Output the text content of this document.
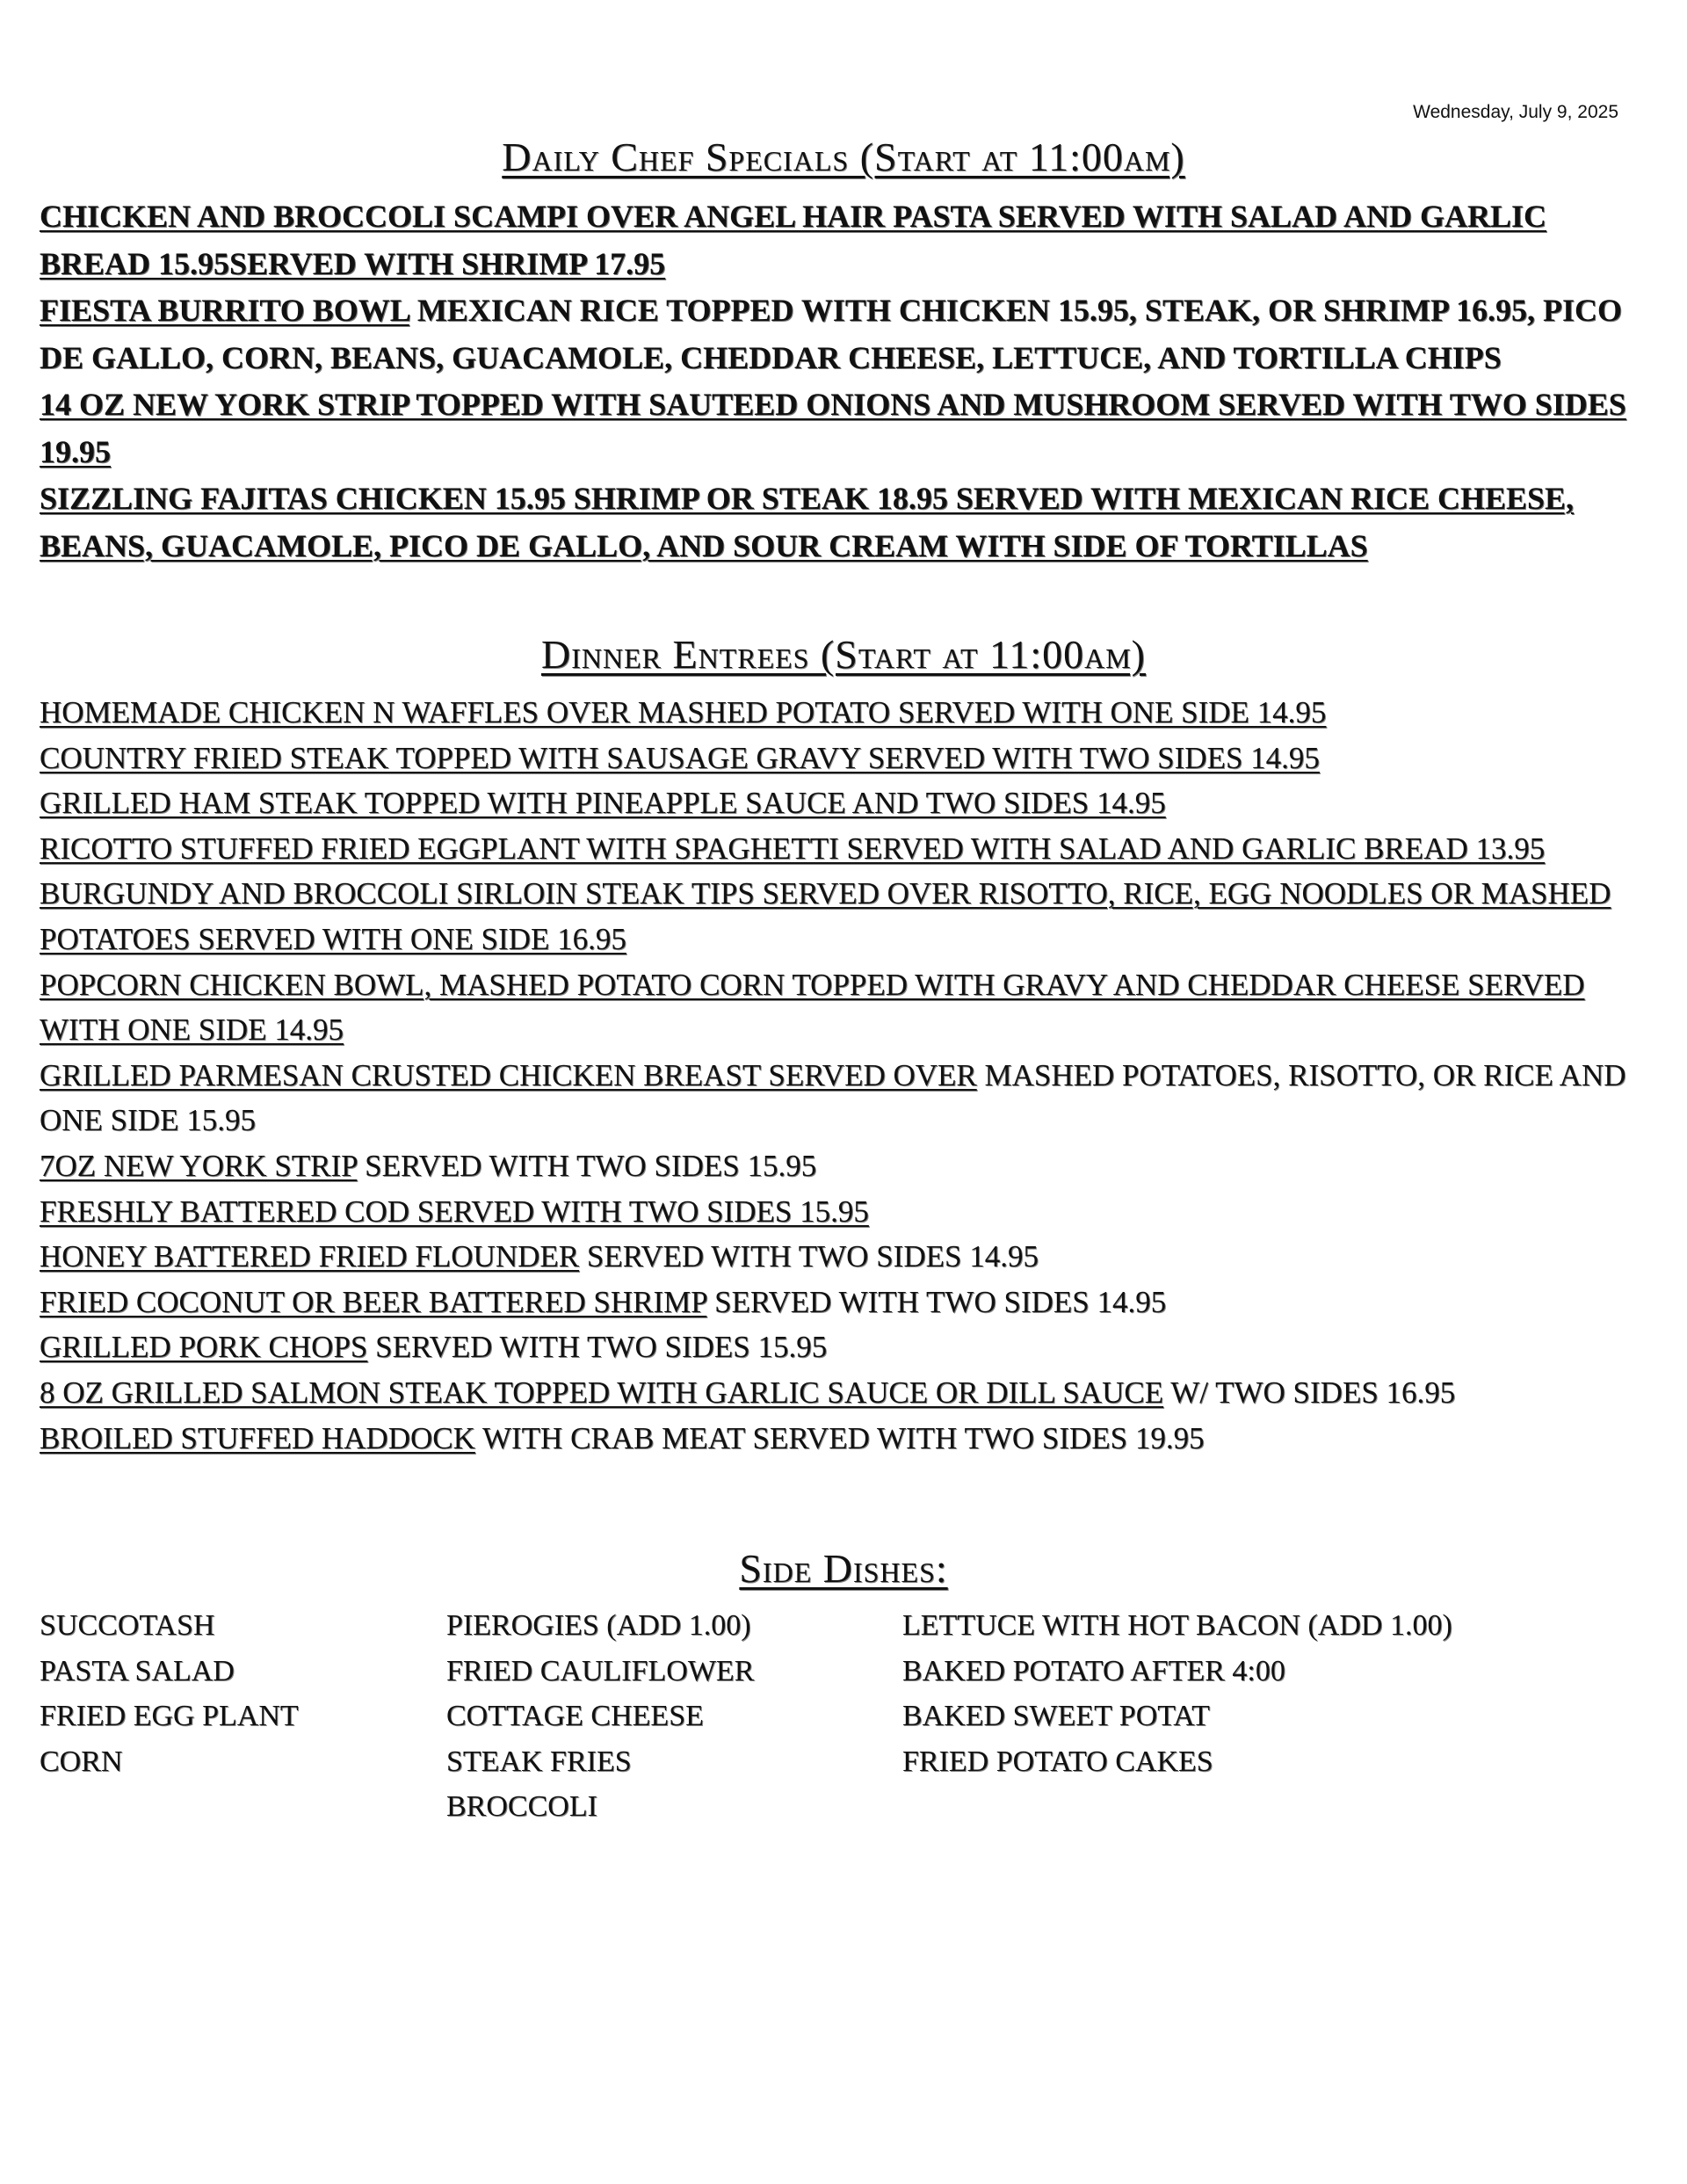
Wednesday, July 9, 2025
Daily Chef Specials (Start at 11:00am)
CHICKEN AND BROCCOLI SCAMPI OVER ANGEL HAIR PASTA SERVED WITH SALAD AND GARLIC BREAD 15.95SERVED WITH SHRIMP 17.95
FIESTA BURRITO BOWL MEXICAN RICE TOPPED WITH CHICKEN 15.95, STEAK, OR SHRIMP 16.95, PICO DE GALLO, CORN, BEANS, GUACAMOLE, CHEDDAR CHEESE, LETTUCE, AND TORTILLA CHIPS
14 OZ NEW YORK STRIP TOPPED WITH SAUTEED ONIONS AND MUSHROOM SERVED WITH TWO SIDES 19.95
SIZZLING FAJITAS CHICKEN 15.95 SHRIMP OR STEAK 18.95 SERVED WITH MEXICAN RICE CHEESE, BEANS, GUACAMOLE, PICO DE GALLO, AND SOUR CREAM WITH SIDE OF TORTILLAS
Dinner Entrees (Start at 11:00am)
HOMEMADE CHICKEN N WAFFLES OVER MASHED POTATO SERVED WITH ONE SIDE 14.95
COUNTRY FRIED STEAK TOPPED WITH SAUSAGE GRAVY SERVED WITH TWO SIDES 14.95
GRILLED HAM STEAK TOPPED WITH PINEAPPLE SAUCE AND TWO SIDES 14.95
RICOTTO STUFFED FRIED EGGPLANT WITH SPAGHETTI SERVED WITH SALAD AND GARLIC BREAD 13.95
BURGUNDY AND BROCCOLI SIRLOIN STEAK TIPS SERVED OVER RISOTTO, RICE, EGG NOODLES OR MASHED POTATOES SERVED WITH ONE SIDE 16.95
POPCORN CHICKEN BOWL, MASHED POTATO CORN TOPPED WITH GRAVY AND CHEDDAR CHEESE SERVED WITH ONE SIDE 14.95
GRILLED PARMESAN CRUSTED CHICKEN BREAST SERVED OVER MASHED POTATOES, RISOTTO, OR RICE AND ONE SIDE 15.95
7OZ NEW YORK STRIP SERVED WITH TWO SIDES 15.95
FRESHLY BATTERED COD SERVED WITH TWO SIDES 15.95
HONEY BATTERED FRIED FLOUNDER SERVED WITH TWO SIDES 14.95
FRIED COCONUT OR BEER BATTERED SHRIMP SERVED WITH TWO SIDES 14.95
GRILLED PORK CHOPS SERVED WITH TWO SIDES 15.95
8 OZ GRILLED SALMON STEAK TOPPED WITH GARLIC SAUCE OR DILL SAUCE W/ TWO SIDES 16.95
BROILED STUFFED HADDOCK WITH CRAB MEAT SERVED WITH TWO SIDES 19.95
Side Dishes:
SUCCOTASH
PASTA SALAD
FRIED EGG PLANT
CORN
PIEROGIES (ADD 1.00)
FRIED CAULIFLOWER
COTTAGE CHEESE
STEAK FRIES
BROCCOLI
LETTUCE WITH HOT BACON (ADD 1.00)
BAKED POTATO AFTER 4:00
BAKED SWEET POTAT
FRIED POTATO CAKES
